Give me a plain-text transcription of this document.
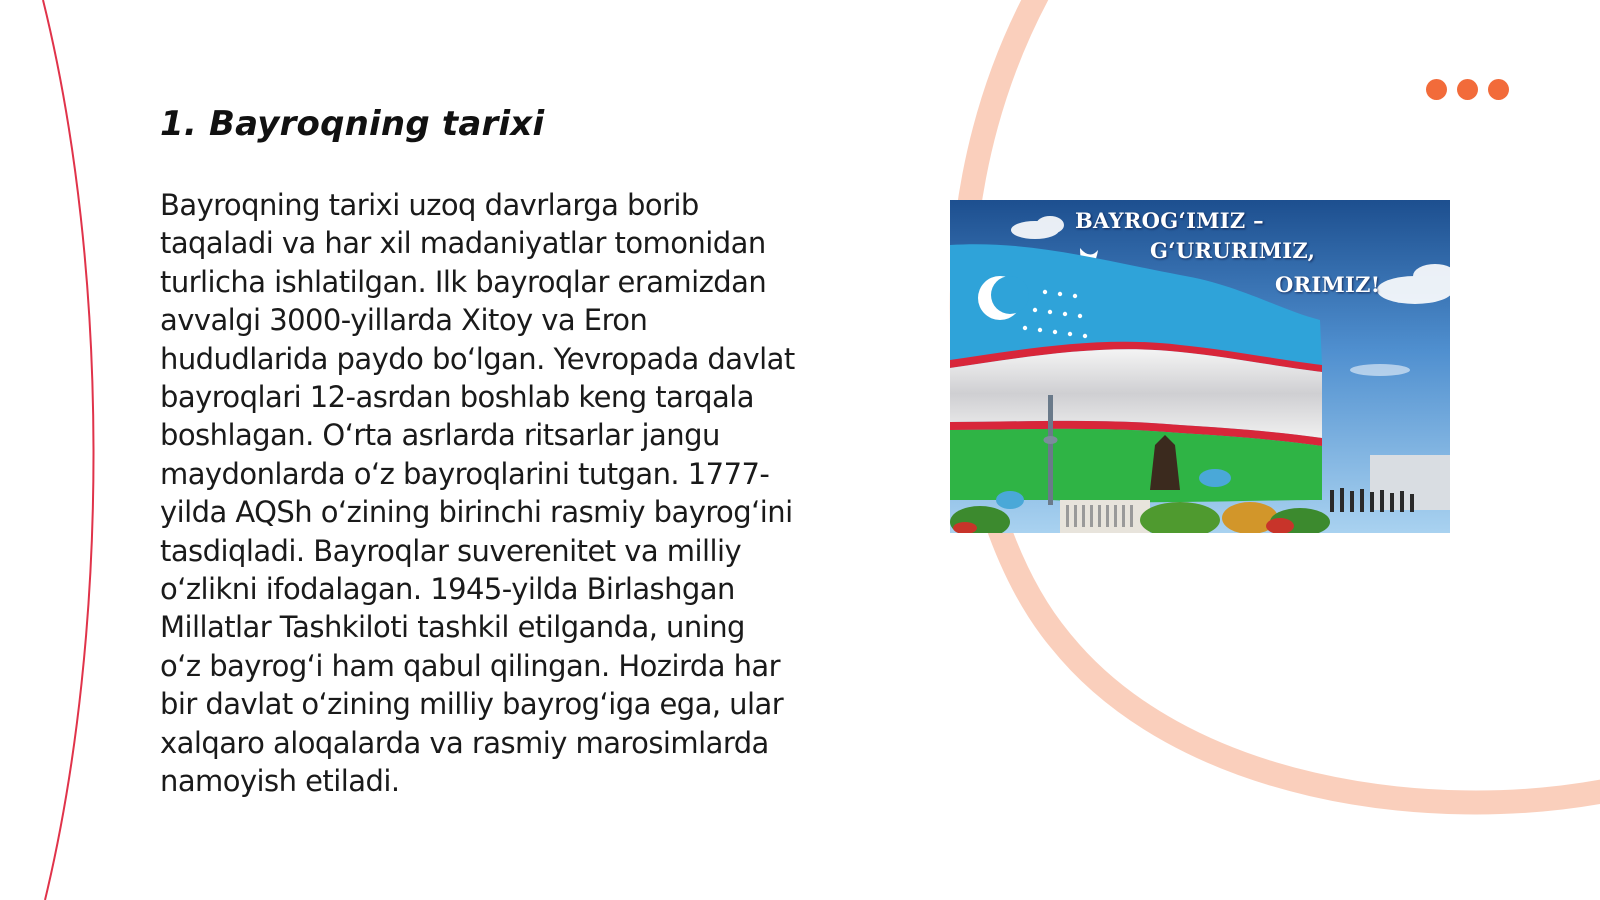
1. Bayroqning tarixi

Bayroqning tarixi uzoq davrlarga borib
taqaladi va har xil madaniyatlar tomonidan
turlicha ishlatilgan. Ilk bayroqlar eramizdan
avvalgi 3000-yillarda Xitoy va Eron
hududlarida paydo boʻlgan. Yevropada davlat
bayroqlari 12-asrdan boshlab keng tarqala
boshlagan. Oʻrta asrlarda ritsarlar jangu
maydonlarda oʻz bayroqlarini tutgan. 1777-
yilda AQSh oʻzining birinchi rasmiy bayrogʻini
tasdiqladi. Bayroqlar suverenitet va milliy
oʻzlikni ifodalagan. 1945-yilda Birlashgan
Millatlar Tashkiloti tashkil etilganda, uning
oʻz bayrogʻi ham qabul qilingan. Hozirda har
bir davlat oʻzining milliy bayrogʻiga ega, ular
xalqaro aloqalarda va rasmiy marosimlarda
namoyish etiladi.

BAYROG‘IMIZ –
G‘URURIMIZ,
ORIMIZ!
